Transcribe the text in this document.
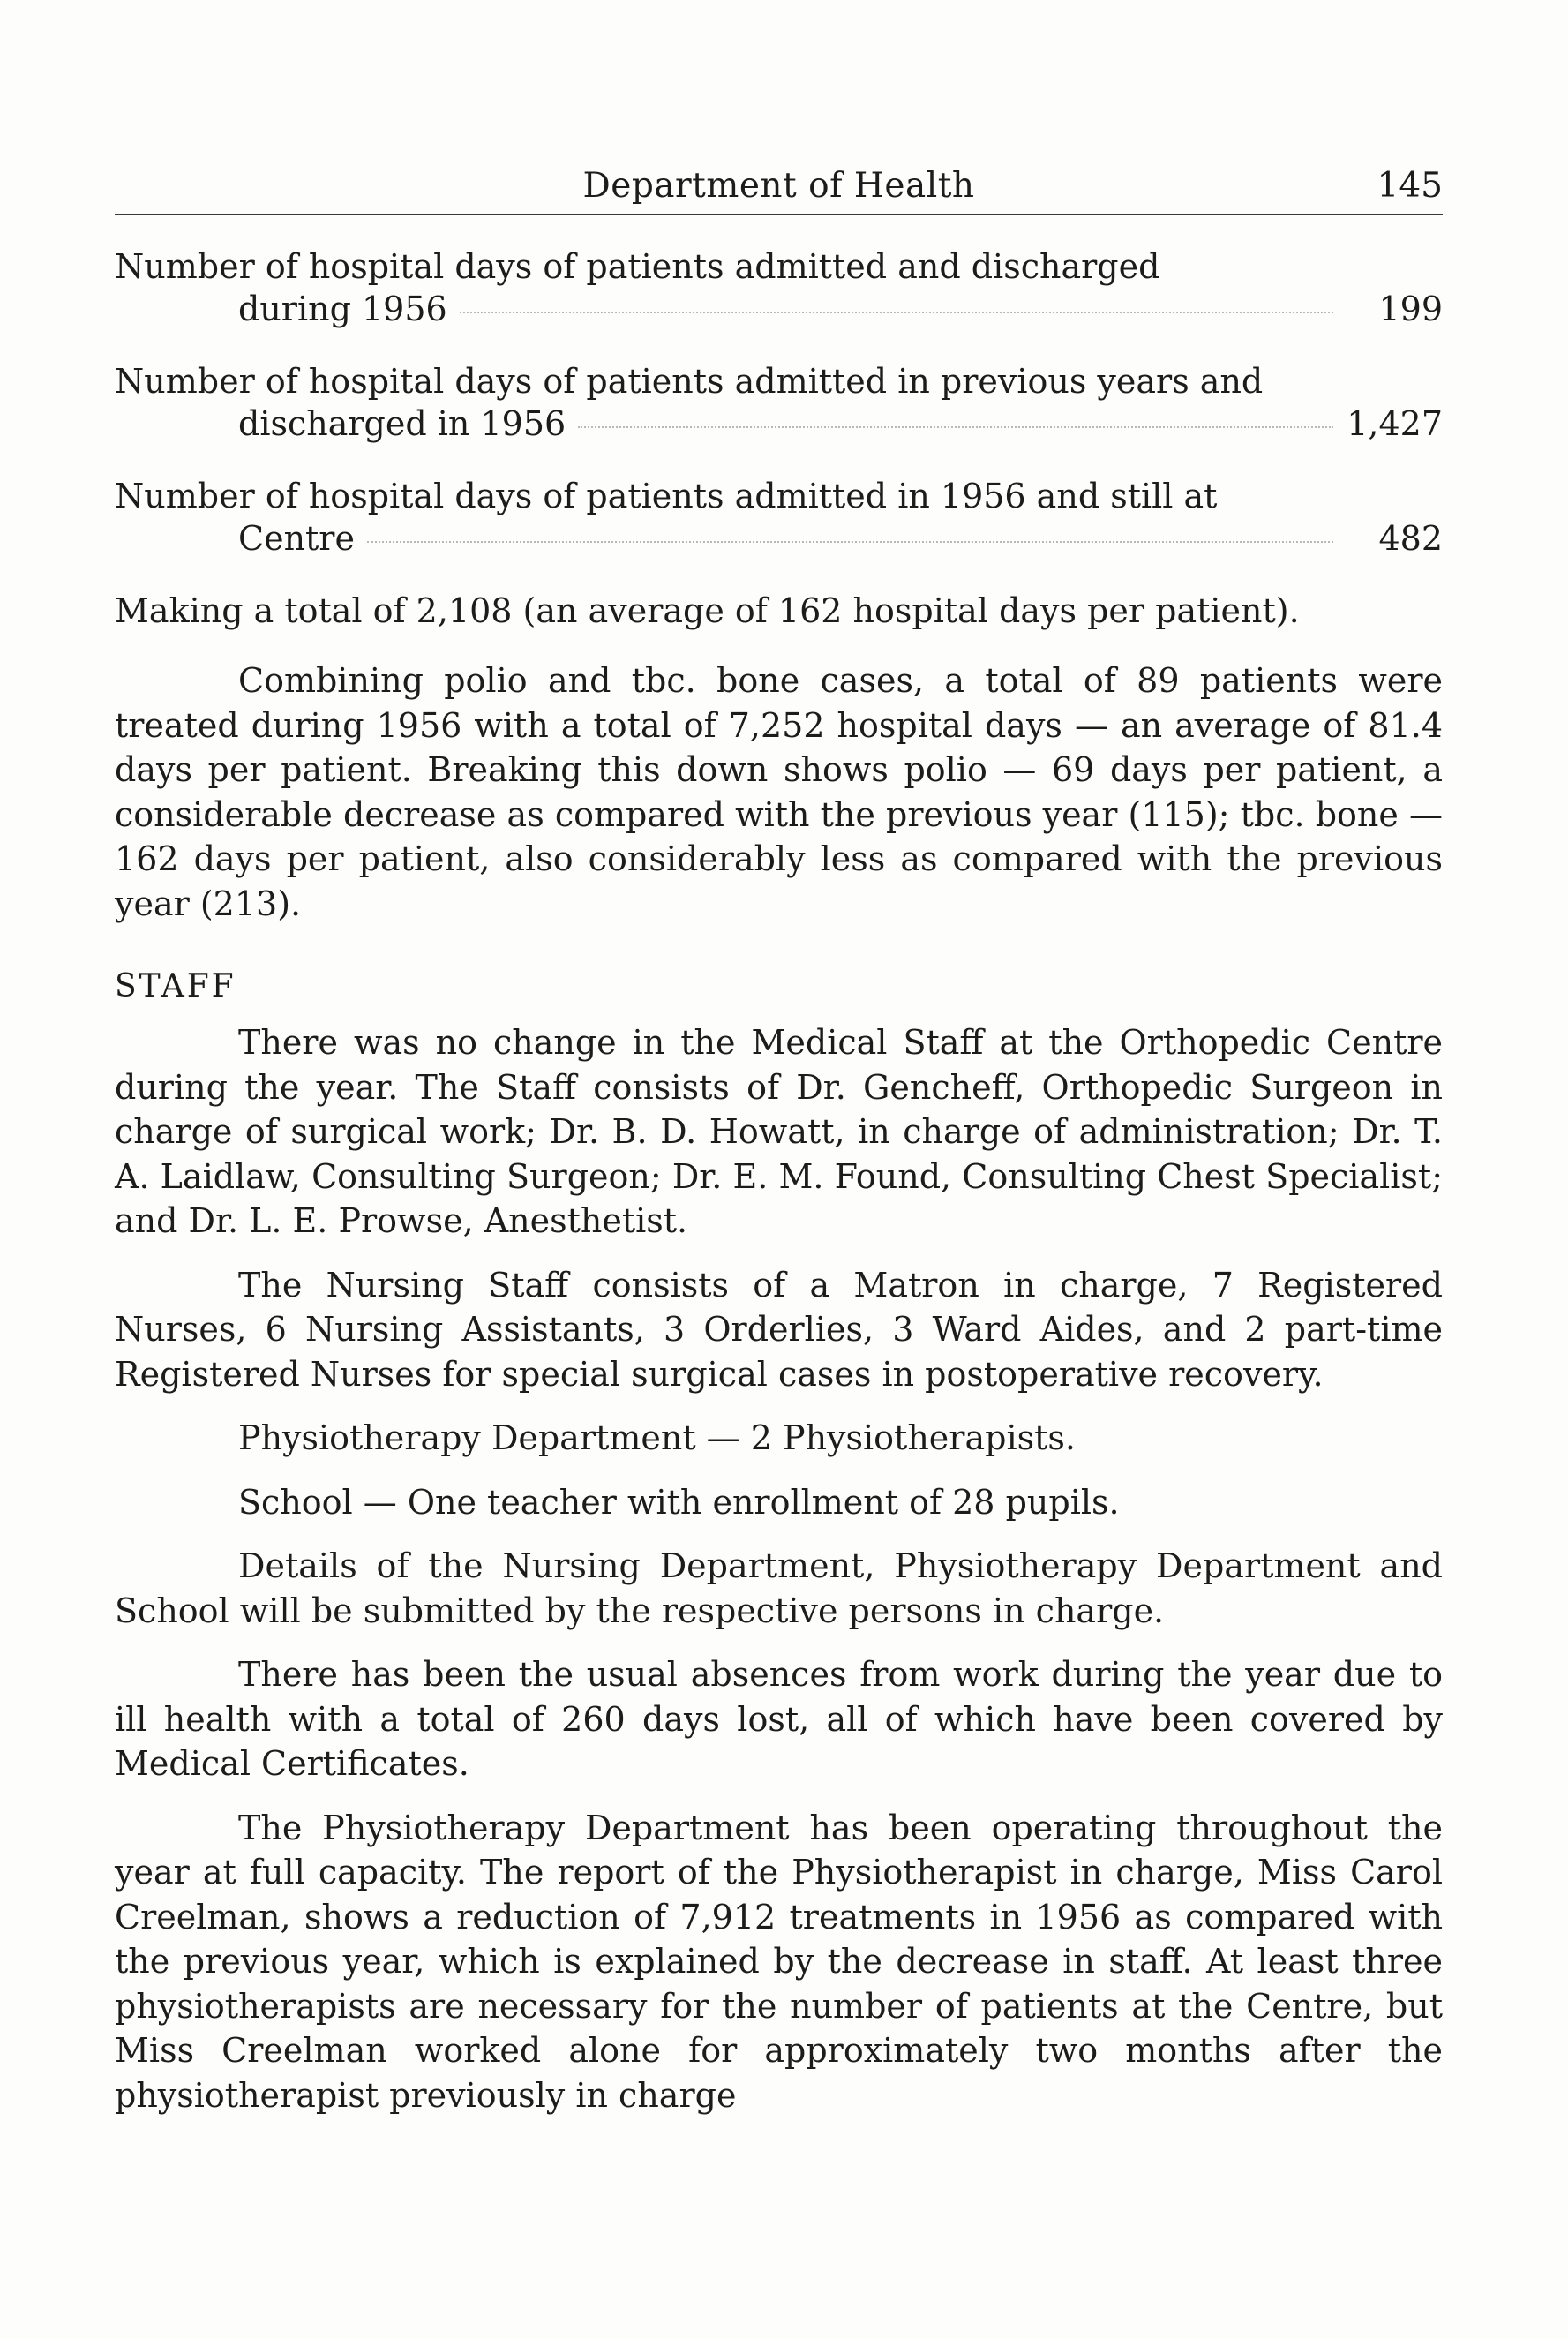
Department of Health	145
Number of hospital days of patients admitted and discharged
during 1956	199
Number of hospital days of patients admitted in previous years and
discharged in 1956	1,427
Number of hospital days of patients admitted in 1956 and still at
Centre	482
Making a total of 2,108 (an average of 162 hospital days per patient).

Combining polio and tbc. bone cases, a total of 89 patients were treated during 1956 with a total of 7,252 hospital days — an average of 81.4 days per patient. Breaking this down shows polio — 69 days per patient, a considerable decrease as compared with the previous year (115); tbc. bone — 162 days per patient, also considerably less as compared with the previous year (213).

STAFF

There was no change in the Medical Staff at the Orthopedic Centre during the year. The Staff consists of Dr. Gencheff, Orthopedic Surgeon in charge of surgical work; Dr. B. D. Howatt, in charge of administration; Dr. T. A. Laidlaw, Consulting Surgeon; Dr. E. M. Found, Consulting Chest Specialist; and Dr. L. E. Prowse, Anesthetist.

The Nursing Staff consists of a Matron in charge, 7 Registered Nurses, 6 Nursing Assistants, 3 Orderlies, 3 Ward Aides, and 2 part-time Registered Nurses for special surgical cases in postoperative recovery.

Physiotherapy Department — 2 Physiotherapists.

School — One teacher with enrollment of 28 pupils.

Details of the Nursing Department, Physiotherapy Department and School will be submitted by the respective persons in charge.

There has been the usual absences from work during the year due to ill health with a total of 260 days lost, all of which have been covered by Medical Certificates.

The Physiotherapy Department has been operating throughout the year at full capacity. The report of the Physiotherapist in charge, Miss Carol Creelman, shows a reduction of 7,912 treatments in 1956 as compared with the previous year, which is explained by the decrease in staff. At least three physiotherapists are necessary for the number of patients at the Centre, but Miss Creelman worked alone for approximately two months after the physiotherapist previously in charge
